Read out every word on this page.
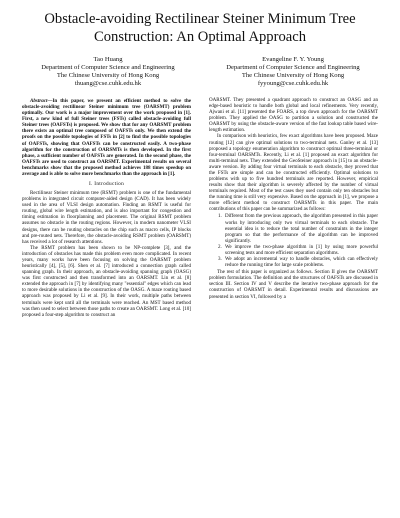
Obstacle-avoiding Rectilinear Steiner Minimum Tree Construction: An Optimal Approach
Tao Huang
Department of Computer Science and Engineering
The Chinese University of Hong Kong
thuang@cse.cuhk.edu.hk
Evangeline F. Y. Young
Department of Computer Science and Engineering
The Chinese University of Hong Kong
fyyoung@cse.cuhk.edu.hk

Abstract—In this paper, we present an efficient method to solve the obstacle-avoiding rectilinear Steiner minimum tree (OARSMT) problem optimally. Our work is a major improvement over the work proposed in [1]. First, a new kind of full Steiner trees (FSTs) called obstacle-avoiding full Steiner trees (OAFSTs) is proposed. We show that for any OARSMT problem there exists an optimal tree composed of OAFSTs only. We then extend the proofs on the possible topologies of FSTs in [2] to find the possible topologies of OAFSTs, showing that OAFSTs can be constructed easily. A two-phase algorithm for the construction of OARSMTs is then developed. In the first phase, a sufficient number of OAFSTs are generated. In the second phase, the OAFSTs are used to construct an OARSMT. Experimental results on several benchmarks show that the proposed method achieves 188 times speedup on average and is able to solve more benchmarks than the approach in [1].

I. Introduction

Rectilinear Steiner minimum tree (RSMT) problem is one of the fundamental problems in integrated circuit computer-aided design (CAD). It has been widely used in the area of VLSI design automation. Finding an RSMT is useful for routing, global wire length estimation, and is also important for congestion and timing estimation in floorplanning and placement. The original RSMT problem assumes no obstacle in the routing regions. However, in modern nanometer VLSI designs, there can be routing obstacles on the chip such as macro cells, IP blocks and pre-routed nets. Therefore, the obstacle-avoiding RSMT problem (OARSMT) has received a lot of research attentions.

The RSMT problem has been shown to be NP-complete [3], and the introduction of obstacles has made this problem even more complicated. In recent years, many works have been focusing on solving the OARSMT problem heuristically [4], [5], [6]. Shen et al. [7] introduced a connection graph called spanning graph. In their approach, an obstacle-avoiding spanning graph (OASG) was first constructed and then transformed into an OARSMT. Lin et al. [8] extended the approach in [7] by identifying many "essential" edges which can lead to more desirable solutions in the construction of the OASG. A maze routing based approach was proposed by Li et al. [9]. In their work, multiple paths between terminals were kept until all the terminals were reached. An MST based method was then used to select between those paths to create an OARSMT. Long et al. [10] proposed a four-step algorithm to construct an

OARSMT. They presented a quadrant approach to construct an OASG and an edge-based heuristic to handle both global and local refinements. Very recently, Ajwani et al. [11] presented the FOARS, a top down approach for the OARSMT problem. They applied the OASG to partition a solution and constructed the OARSMT by using the obstacle-aware version of the fast lookup table based wire-length estimation.

In comparison with heuristics, few exact algorithms have been proposed. Maze routing [12] can give optimal solutions to two-terminal nets. Ganley et al. [13] proposed a topology enumeration algorithm to construct optimal three-terminal or four-terminal OARSMTs. Recently, Li et al. [1] proposed an exact algorithm for multi-terminal nets. They extended the GeoSteiner approach in [15] to an obstacle-aware version. By adding four virtual terminals to each obstacle, they proved that the FSTs are simple and can be constructed efficiently. Optimal solutions to problems with up to five hundred terminals are reported. However, empirical results show that their algorithm is severely affected by the number of virtual terminals required. Most of the test cases they used contain only ten obstacles but the running time is still very expensive. Based on the approach in [1], we propose a more efficient method to construct OARSMTs in this paper. The main contributions of this paper can be summarized as follows:

1. Different from the previous approach, the algorithm presented in this paper works by introducing only two virtual terminals to each obstacle. The essential idea is to reduce the total number of constraints in the integer program so that the performance of the algorithm can be improved significantly.
2. We improve the two-phase algorithm in [1] by using more powerful screening tests and more efficient separation algorithms.
3. We adopt an incremental way to handle obstacles, which can effectively reduce the running time for large scale problems.

The rest of this paper is organized as follows. Section II gives the OARSMT problem formulation. The definition and the structures of OAFSTs are discussed in section III. Section IV and V describe the iterative two-phase approach for the construction of OARSMT in detail. Experimental results and discussions are presented in section VI, followed by a
